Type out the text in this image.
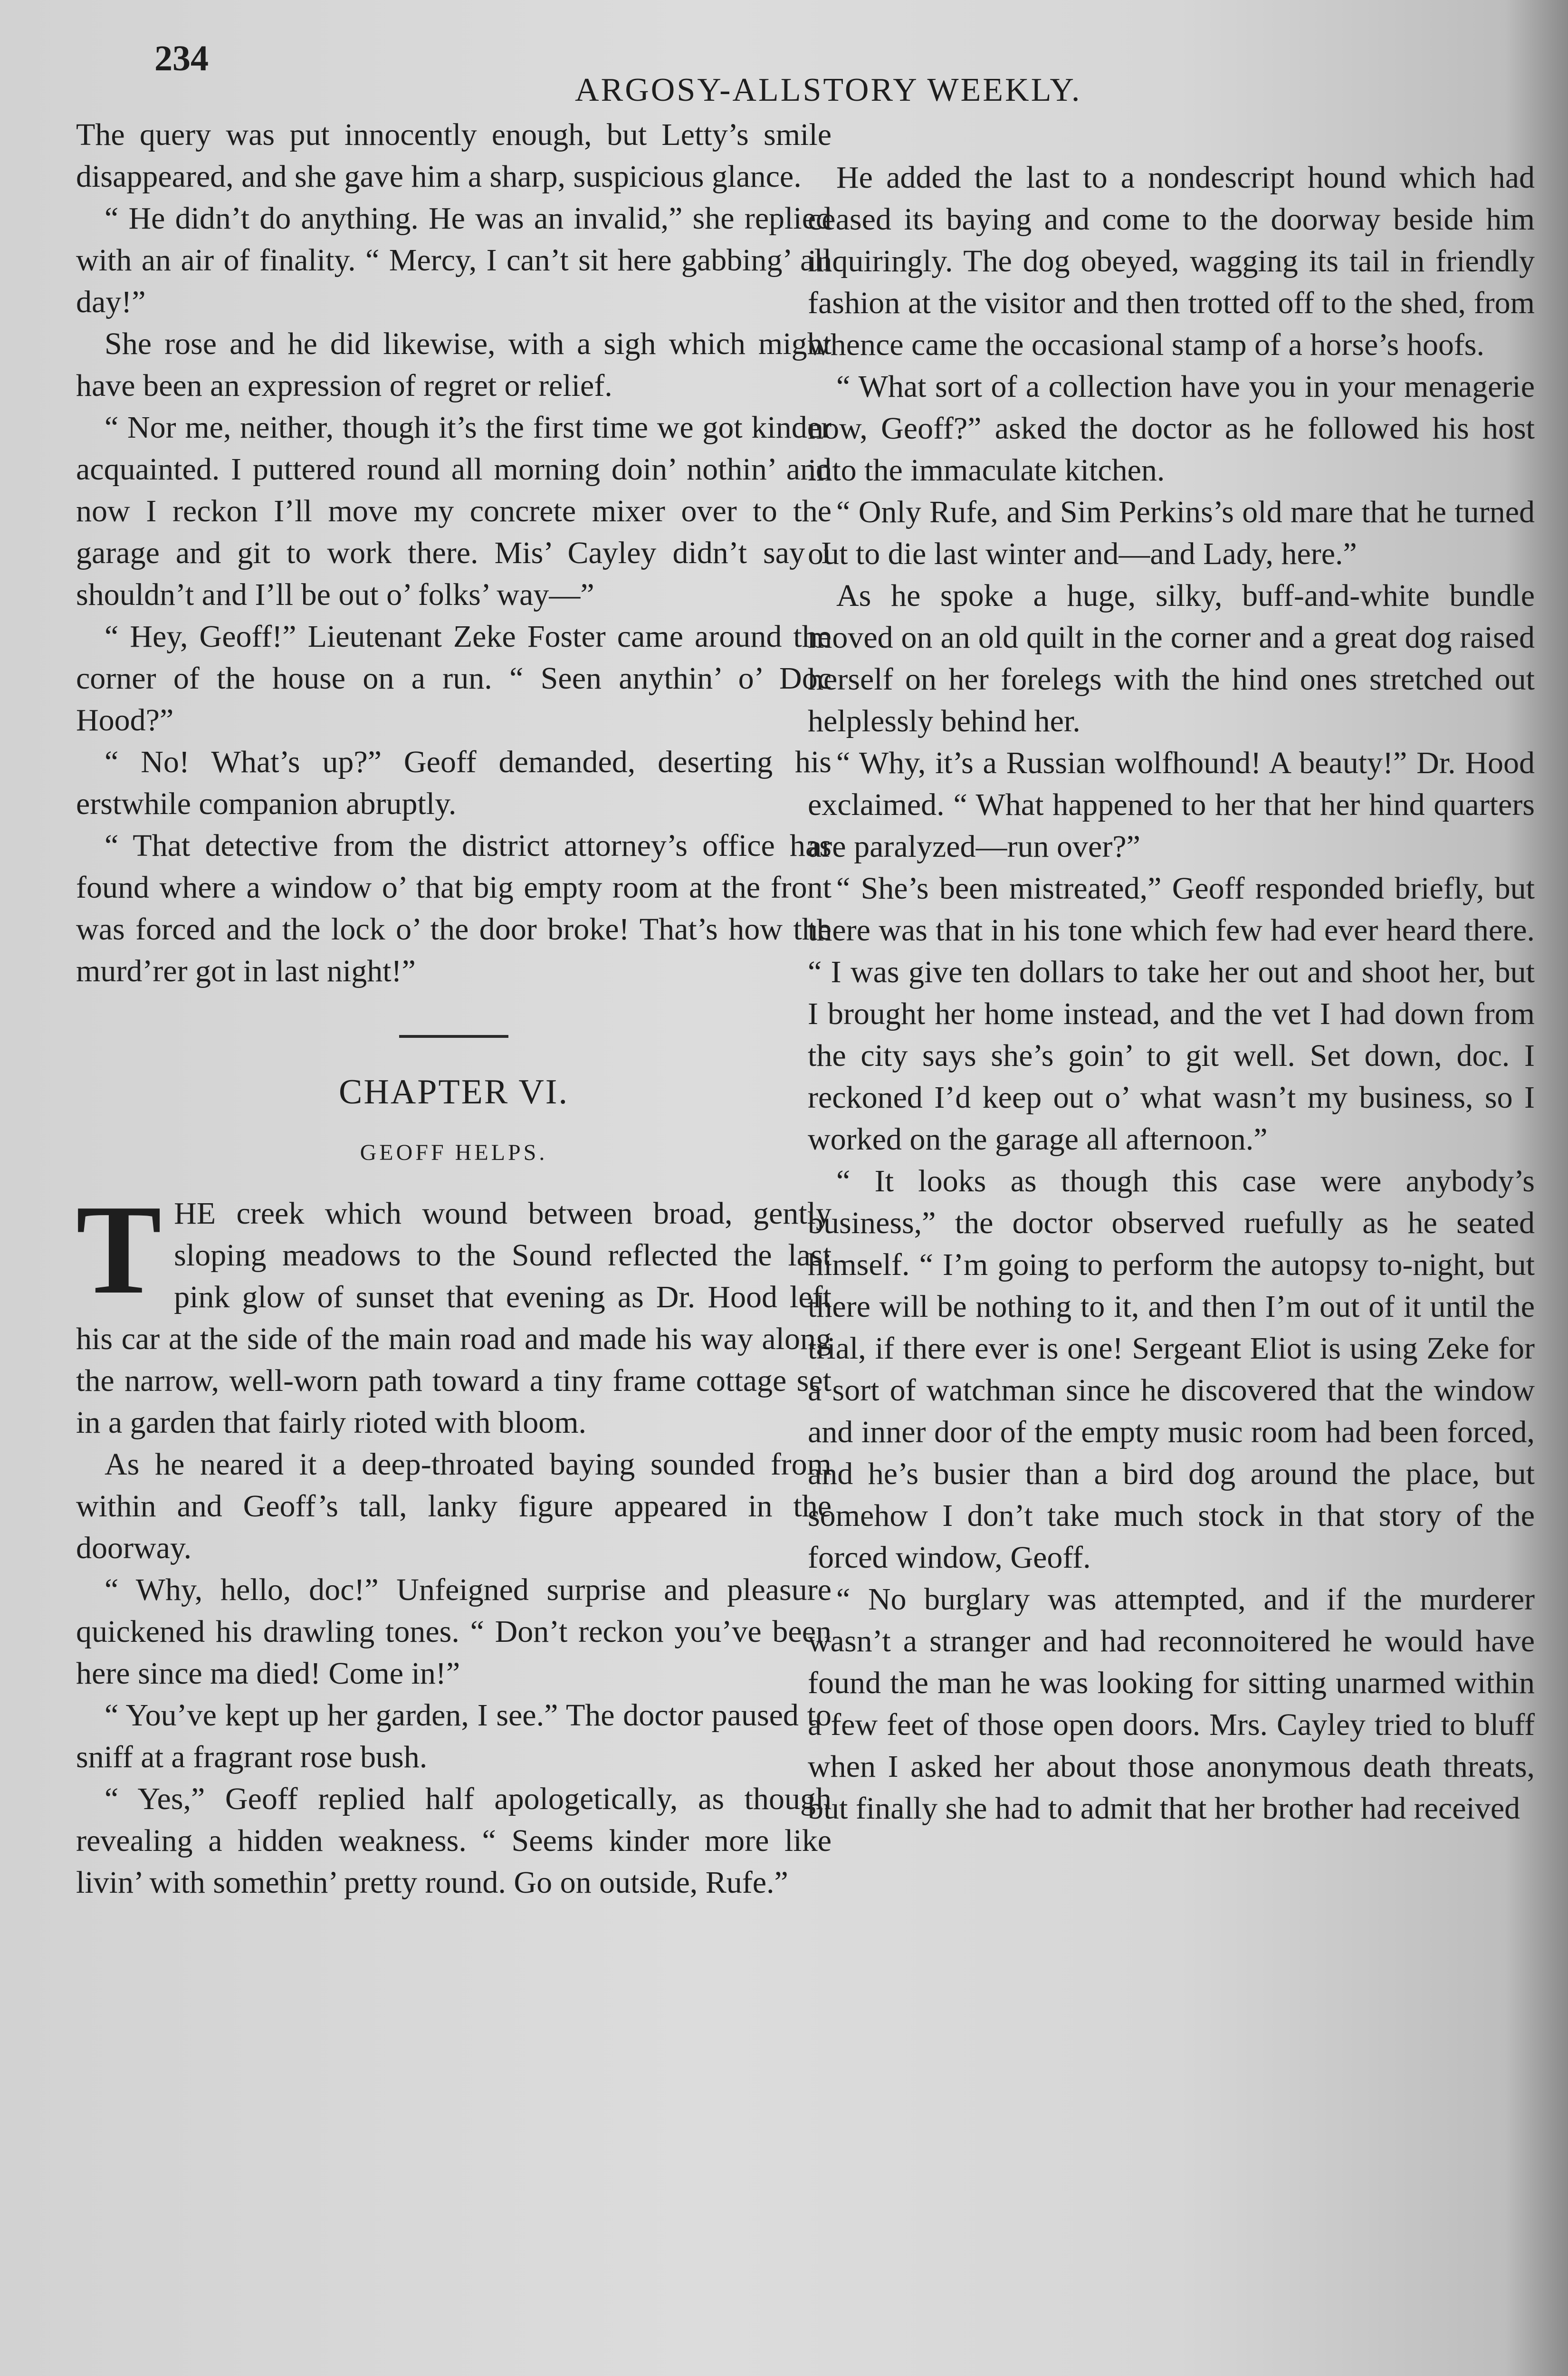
234
ARGOSY-ALLSTORY WEEKLY.

The query was put innocently enough, but Letty’s smile disappeared, and she gave him a sharp, suspicious glance.

“ He didn’t do anything. He was an invalid,” she replied with an air of finality. “ Mercy, I can’t sit here gabbing’ all day!”

She rose and he did likewise, with a sigh which might have been an expression of regret or relief.

“ Nor me, neither, though it’s the first time we got kinder acquainted. I puttered round all morning doin’ nothin’ and now I reckon I’ll move my concrete mixer over to the garage and git to work there. Mis’ Cayley didn’t say I shouldn’t and I’ll be out o’ folks’ way—”

“ Hey, Geoff!” Lieutenant Zeke Foster came around the corner of the house on a run. “ Seen anythin’ o’ Doc Hood?”

“ No! What’s up?” Geoff demanded, deserting his erstwhile companion abruptly.

“ That detective from the district attorney’s office has found where a window o’ that big empty room at the front was forced and the lock o’ the door broke! That’s how the murd’rer got in last night!”

CHAPTER VI.
GEOFF HELPS.

THE creek which wound between broad, gently sloping meadows to the Sound reflected the last pink glow of sunset that evening as Dr. Hood left his car at the side of the main road and made his way along the narrow, well-worn path toward a tiny frame cottage set in a garden that fairly rioted with bloom.

As he neared it a deep-throated baying sounded from within and Geoff’s tall, lanky figure appeared in the doorway.

“ Why, hello, doc!” Unfeigned surprise and pleasure quickened his drawling tones. “ Don’t reckon you’ve been here since ma died! Come in!”

“ You’ve kept up her garden, I see.” The doctor paused to sniff at a fragrant rose bush.

“ Yes,” Geoff replied half apologetically, as though revealing a hidden weakness. “ Seems kinder more like livin’ with somethin’ pretty round. Go on outside, Rufe.”

He added the last to a nondescript hound which had ceased its baying and come to the doorway beside him inquiringly. The dog obeyed, wagging its tail in friendly fashion at the visitor and then trotted off to the shed, from whence came the occasional stamp of a horse’s hoofs.

“ What sort of a collection have you in your menagerie now, Geoff?” asked the doctor as he followed his host into the immaculate kitchen.

“ Only Rufe, and Sim Perkins’s old mare that he turned out to die last winter and—and Lady, here.”

As he spoke a huge, silky, buff-and-white bundle moved on an old quilt in the corner and a great dog raised herself on her forelegs with the hind ones stretched out helplessly behind her.

“ Why, it’s a Russian wolfhound! A beauty!” Dr. Hood exclaimed. “ What happened to her that her hind quarters are paralyzed—run over?”

“ She’s been mistreated,” Geoff responded briefly, but there was that in his tone which few had ever heard there. “ I was give ten dollars to take her out and shoot her, but I brought her home instead, and the vet I had down from the city says she’s goin’ to git well. Set down, doc. I reckoned I’d keep out o’ what wasn’t my business, so I worked on the garage all afternoon.”

“ It looks as though this case were anybody’s business,” the doctor observed ruefully as he seated himself. “ I’m going to perform the autopsy to-night, but there will be nothing to it, and then I’m out of it until the trial, if there ever is one! Sergeant Eliot is using Zeke for a sort of watchman since he discovered that the window and inner door of the empty music room had been forced, and he’s busier than a bird dog around the place, but somehow I don’t take much stock in that story of the forced window, Geoff.

“ No burglary was attempted, and if the murderer wasn’t a stranger and had reconnoitered he would have found the man he was looking for sitting unarmed within a few feet of those open doors. Mrs. Cayley tried to bluff when I asked her about those anonymous death threats, but finally she had to admit that her brother had received
